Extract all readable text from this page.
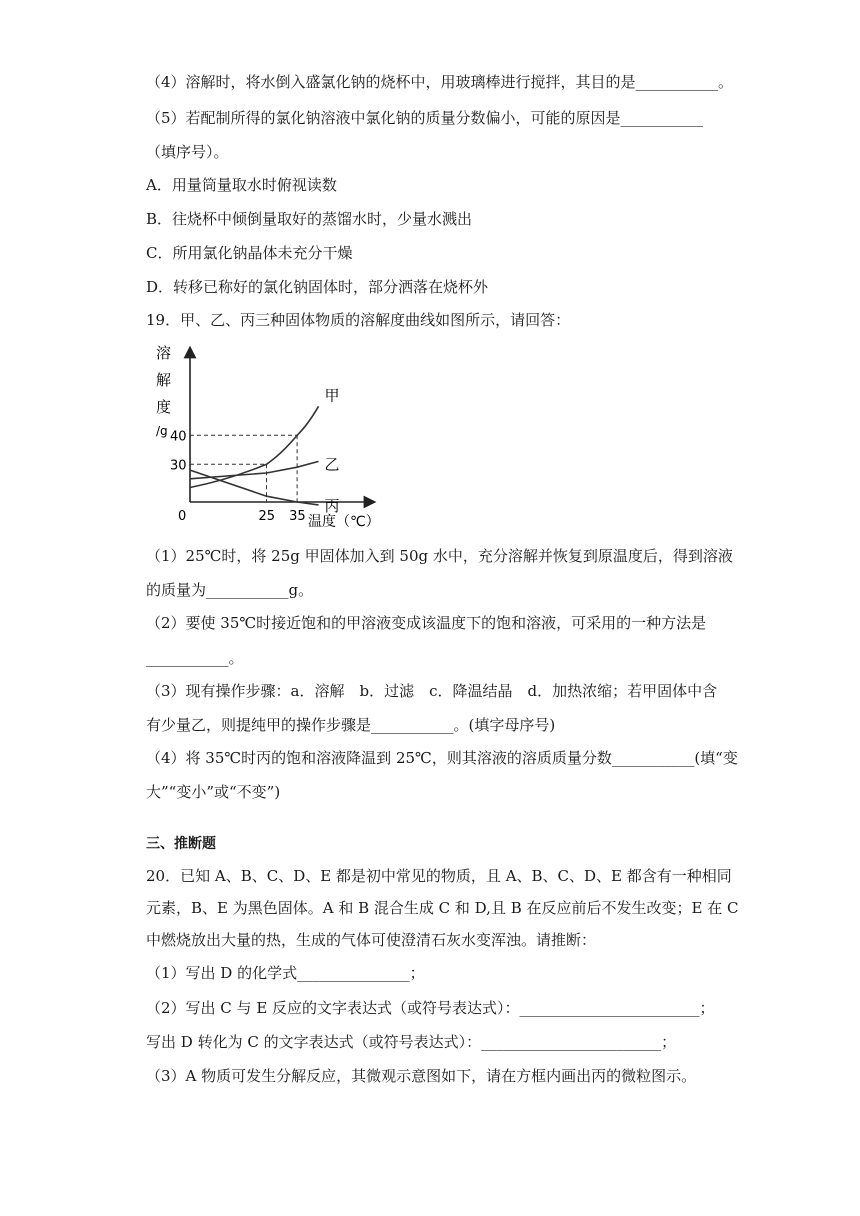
（4）溶解时，将水倒入盛氯化钠的烧杯中，用玻璃棒进行搅拌，其目的是___________。
（5）若配制所得的氯化钠溶液中氯化钠的质量分数偏小，可能的原因是___________
（填序号）。
A．用量筒量取水时俯视读数
B．往烧杯中倾倒量取好的蒸馏水时，少量水溅出
C．所用氯化钠晶体未充分干燥
D．转移已称好的氯化钠固体时，部分洒落在烧杯外
19．甲、乙、丙三种固体物质的溶解度曲线如图所示，请回答：
溶
解
度
/g
0
30
40
25 35
甲
乙
丙
温度（℃）
（1）25℃时，将 25g 甲固体加入到 50g 水中，充分溶解并恢复到原温度后，得到溶液
的质量为___________g。
（2）要使 35℃时接近饱和的甲溶液变成该温度下的饱和溶液，可采用的一种方法是
___________。
（3）现有操作步骤：a．溶解　b．过滤　c．降温结晶　d．加热浓缩；若甲固体中含
有少量乙，则提纯甲的操作步骤是___________。(填字母序号)
（4）将 35℃时丙的饱和溶液降温到 25℃，则其溶液的溶质质量分数___________(填“变
大”“变小”或“不变”)
三、推断题
20．已知 A、B、C、D、E 都是初中常见的物质，且 A、B、C、D、E 都含有一种相同
元素，B、E 为黑色固体。A 和 B 混合生成 C 和 D,且 B 在反应前后不发生改变；E 在 C
中燃烧放出大量的热，生成的气体可使澄清石灰水变浑浊。请推断：
（1）写出 D 的化学式_______________；
（2）写出 C 与 E 反应的文字表达式（或符号表达式）：________________________；
写出 D 转化为 C 的文字表达式（或符号表达式）：________________________；
（3）A 物质可发生分解反应，其微观示意图如下，请在方框内画出丙的微粒图示。
